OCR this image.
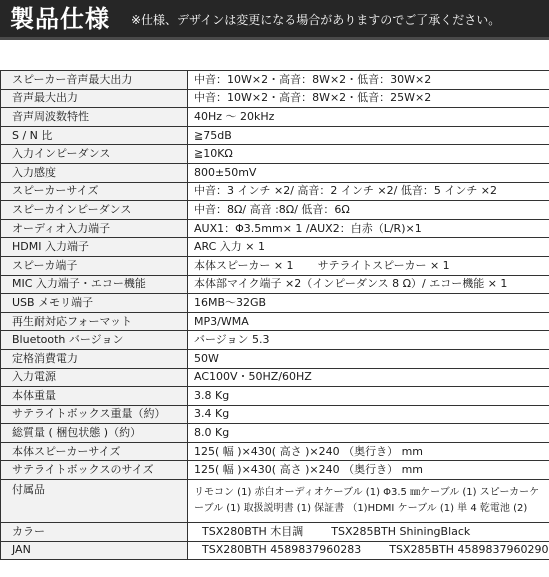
製品仕様 ※仕様、デザインは変更になる場合がありますのでご了承ください。
スピーカー音声最大出力	中音：10W×2・高音：8W×2・低音：30W×2
音声最大出力	中音：10W×2・高音：8W×2・低音：25W×2
音声周波数特性	40Hz ～ 20kHz
S / N 比	≧75dB
入力インピーダンス	≧10KΩ
入力感度	800±50mV
スピーカーサイズ	中音：3 インチ ×2/ 高音：2 インチ ×2/ 低音：5 インチ ×2
スピーカインピーダンス	中音：8Ω/ 高音 :8Ω/ 低音：6Ω
オーディオ入力端子	AUX1：Φ3.5mm× 1 /AUX2：白赤（L/R)×1
HDMI 入力端子	ARC 入力 × 1
スピーカ端子	本体スピーカー × 1 サテライトスピーカー × 1
MIC 入力端子・エコー機能	本体部マイク端子 ×2（インピーダンス 8 Ω）/ エコー機能 × 1
USB メモリ端子	16MB～32GB
再生耐対応フォーマット	MP3/WMA
Bluetooth バージョン	バージョン 5.3
定格消費電力	50W
入力電源	AC100V・50HZ/60HZ
本体重量	3.8 Kg
サテライトボックス重量（約）	3.4 Kg
総質量 ( 梱包状態 )（約）	8.0 Kg
本体スピーカーサイズ	125( 幅 )×430( 高さ )×240 （奥行き） mm
サテライトボックスのサイズ	125( 幅 )×430( 高さ )×240 （奥行き） mm
付属品	リモコン (1) 赤白オーディオケーブル (1) Φ3.5 ㎜ケーブル (1) スピーカーケーブル (1) 取扱説明書 (1) 保証書 （1)HDMI ケーブル (1) 単 4 乾電池 (2)
カラー	TSX280BTH 木目調 TSX285BTH ShiningBlack
JAN	TSX280BTH 4589837960283 TSX285BTH 4589837960290
